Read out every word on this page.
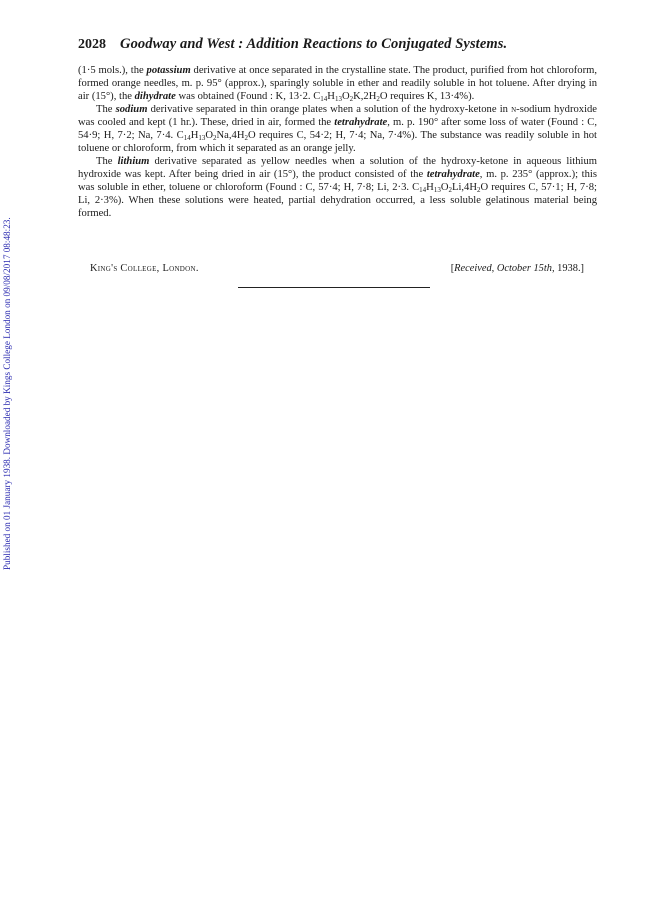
Published on 01 January 1938. Downloaded by Kings College London on 09/08/2017 08:48:23.
2028 Goodway and West : Addition Reactions to Conjugated Systems.

(1·5 mols.), the potassium derivative at once separated in the crystalline state. The product, purified from hot chloroform, formed orange needles, m. p. 95° (approx.), sparingly soluble in ether and readily soluble in hot toluene. After drying in air (15°), the dihydrate was obtained (Found : K, 13·2. $C_{14}H_{13}O_2K,2H_2O$ requires K, 13·4%).

The sodium derivative separated in thin orange plates when a solution of the hydroxy-ketone in n-sodium hydroxide was cooled and kept (1 hr.). These, dried in air, formed the tetrahydrate, m. p. 190° after some loss of water (Found : C, 54·9; H, 7·2; Na, 7·4. $C_{14}H_{13}O_2Na,4H_2O$ requires C, 54·2; H, 7·4; Na, 7·4%). The substance was readily soluble in hot toluene or chloroform, from which it separated as an orange jelly.

The lithium derivative separated as yellow needles when a solution of the hydroxy-ketone in aqueous lithium hydroxide was kept. After being dried in air (15°), the product consisted of the tetrahydrate, m. p. 235° (approx.); this was soluble in ether, toluene or chloroform (Found : C, 57·4; H, 7·8; Li, 2·3. $C_{14}H_{13}O_2Li,4H_2O$ requires C, 57·1; H, 7·8; Li, 2·3%). When these solutions were heated, partial dehydration occurred, a less soluble gelatinous material being formed.

King's College, London.	[Received, October 15th, 1938.]
